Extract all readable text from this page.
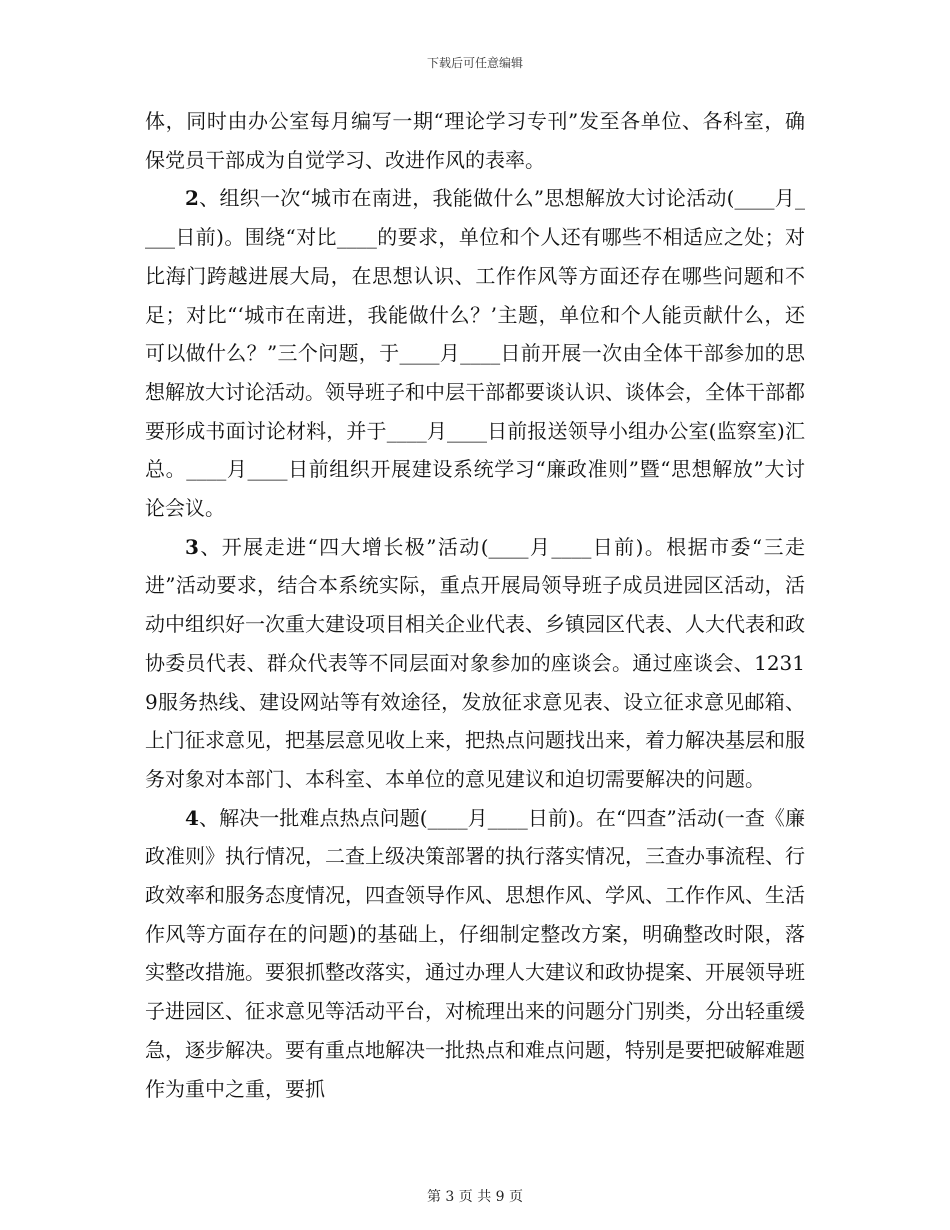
下载后可任意编辑

体，同时由办公室每月编写一期“理论学习专刊”发至各单位、各科室，确保党员干部成为自觉学习、改进作风的表率。

2、组织一次“城市在南进，我能做什么”思想解放大讨论活动(____月____日前)。围绕“对比____的要求，单位和个人还有哪些不相适应之处；对比海门跨越进展大局，在思想认识、工作作风等方面还存在哪些问题和不足；对比“‘城市在南进，我能做什么？’主题，单位和个人能贡献什么，还可以做什么？”三个问题，于____月____日前开展一次由全体干部参加的思想解放大讨论活动。领导班子和中层干部都要谈认识、谈体会，全体干部都要形成书面讨论材料，并于____月____日前报送领导小组办公室(监察室)汇总。____月____日前组织开展建设系统学习“廉政准则”暨“思想解放”大讨论会议。

3、开展走进“四大增长极”活动(____月____日前)。根据市委“三走进”活动要求，结合本系统实际，重点开展局领导班子成员进园区活动，活动中组织好一次重大建设项目相关企业代表、乡镇园区代表、人大代表和政协委员代表、群众代表等不同层面对象参加的座谈会。通过座谈会、12319服务热线、建设网站等有效途径，发放征求意见表、设立征求意见邮箱、上门征求意见，把基层意见收上来，把热点问题找出来，着力解决基层和服务对象对本部门、本科室、本单位的意见建议和迫切需要解决的问题。

4、解决一批难点热点问题(____月____日前)。在“四查”活动(一查《廉政准则》执行情况，二查上级决策部署的执行落实情况，三查办事流程、行政效率和服务态度情况，四查领导作风、思想作风、学风、工作作风、生活作风等方面存在的问题)的基础上，仔细制定整改方案，明确整改时限，落实整改措施。要狠抓整改落实，通过办理人大建议和政协提案、开展领导班子进园区、征求意见等活动平台，对梳理出来的问题分门别类，分出轻重缓急，逐步解决。要有重点地解决一批热点和难点问题，特别是要把破解难题作为重中之重，要抓

第 3 页 共 9 页
